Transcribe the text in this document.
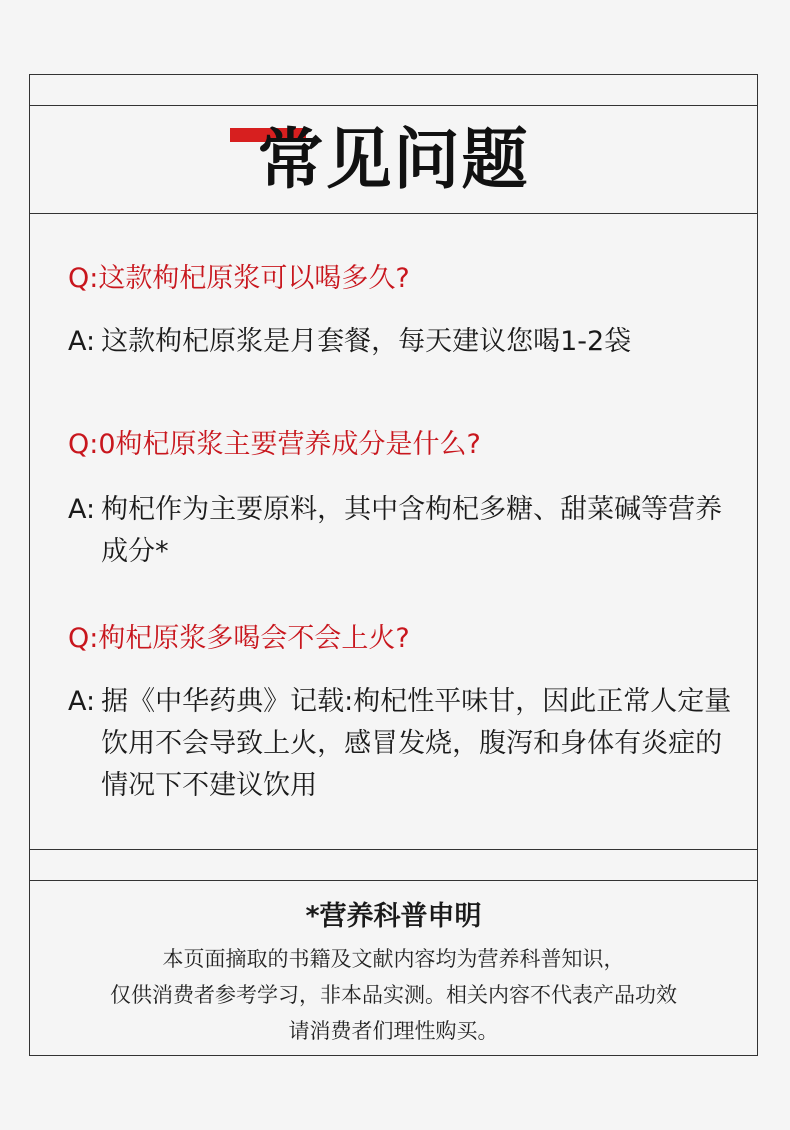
常见问题

Q:这款枸杞原浆可以喝多久?

A: 这款枸杞原浆是月套餐，每天建议您喝1-2袋

Q:0枸杞原浆主要营养成分是什么?

A: 枸杞作为主要原料，其中含枸杞多糖、甜菜碱等营养成分*

Q:枸杞原浆多喝会不会上火?

A: 据《中华药典》记载:枸杞性平味甘，因此正常人定量饮用不会导致上火，感冒发烧，腹泻和身体有炎症的情况下不建议饮用
*营养科普申明
本页面摘取的书籍及文献内容均为营养科普知识，
仅供消费者参考学习，非本品实测。相关内容不代表产品功效
请消费者们理性购买。
